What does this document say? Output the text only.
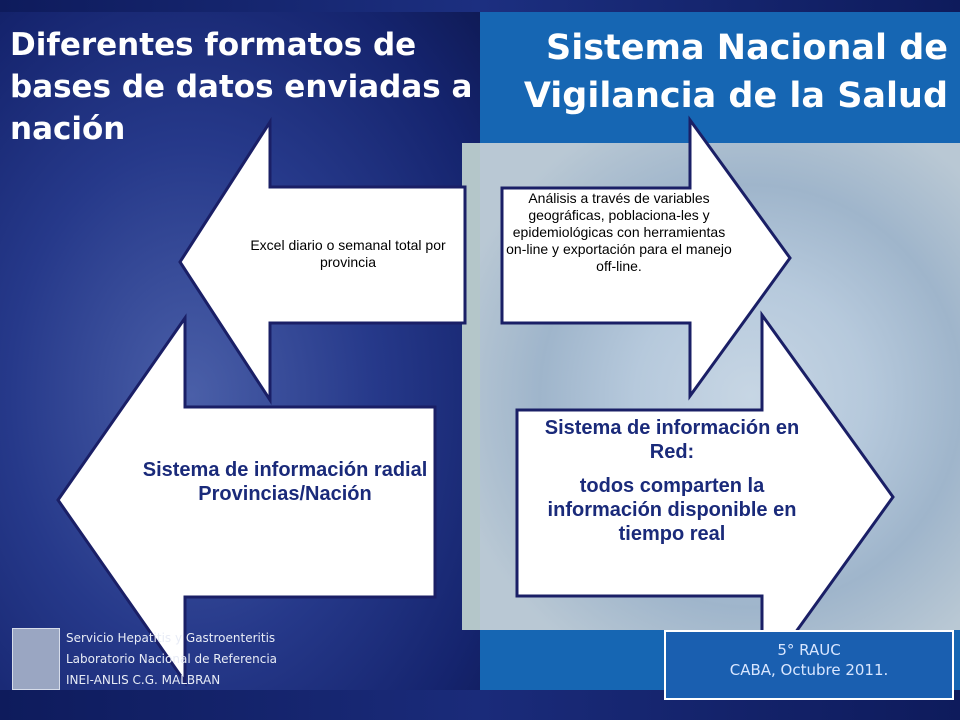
Diferentes formatos de bases de datos enviadas a nación
Sistema Nacional de Vigilancia de la Salud
Excel diario o semanal total por provincia
Análisis a través de variables geográficas, poblaciona-les y epidemiológicas con herramientas on-line y exportación para el manejo off-line.
Sistema de información radial Provincias/Nación
Sistema de información en Red:
todos comparten la información disponible en tiempo real
Servicio Hepatitis y Gastroenteritis
Laboratorio Nacional de Referencia
INEI-ANLIS C.G. MALBRAN
5° RAUC
CABA, Octubre 2011.
